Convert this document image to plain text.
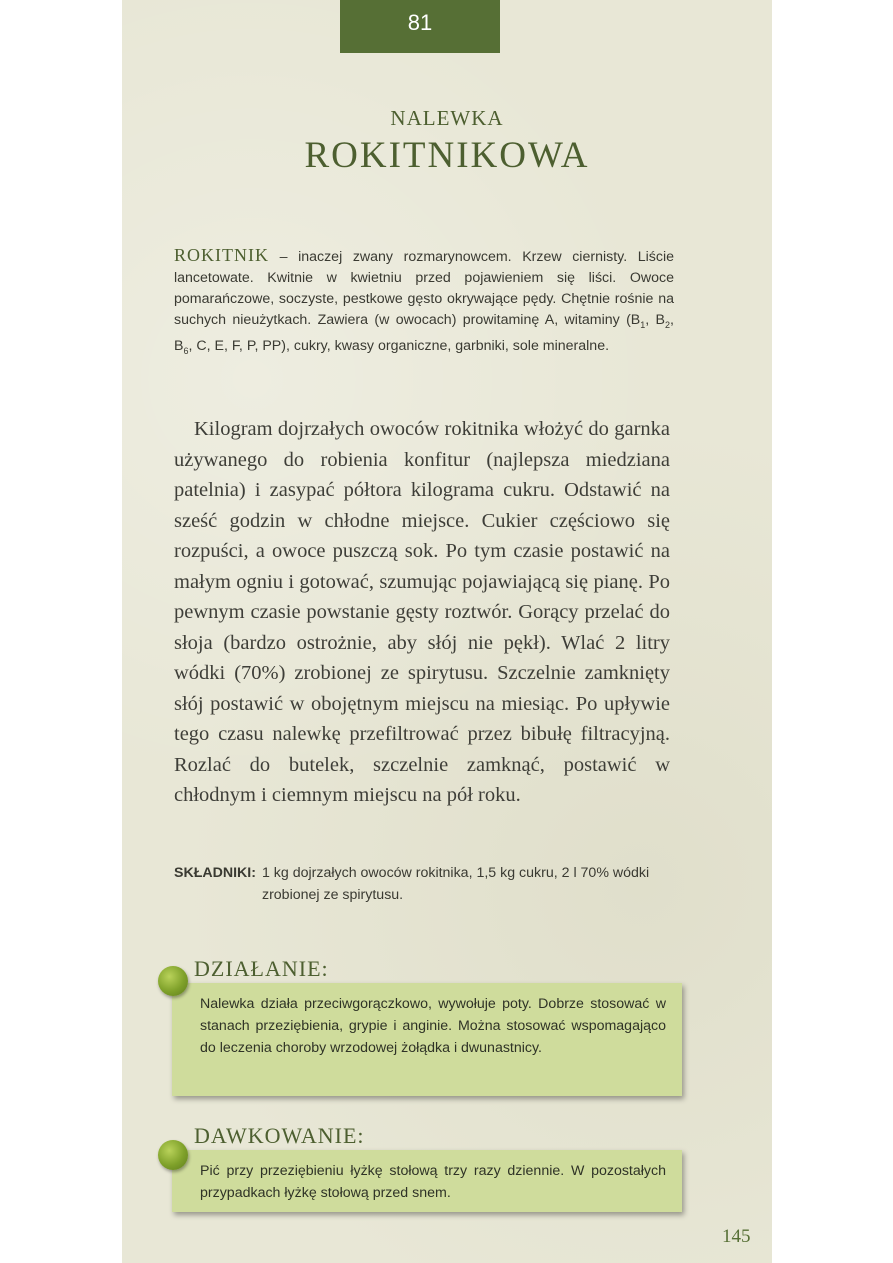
81
NALEWKA
ROKITNIKOWA
ROKITNIK – inaczej zwany rozmarynowcem. Krzew ciernisty. Liście lancetowate. Kwitnie w kwietniu przed pojawieniem się liści. Owoce pomarańczowe, soczyste, pestkowe gęsto okrywające pędy. Chętnie rośnie na suchych nieużytkach. Zawiera (w owocach) prowitaminę A, witaminy ($B_1$, $B_2$, $B_6$, C, E, F, P, PP), cukry, kwasy organiczne, garbniki, sole mineralne.
Kilogram dojrzałych owoców rokitnika włożyć do garnka używanego do robienia konfitur (najlepsza miedziana patelnia) i zasypać półtora kilograma cukru. Odstawić na sześć godzin w chłodne miejsce. Cukier częściowo się rozpuści, a owoce puszczą sok. Po tym czasie postawić na małym ogniu i gotować, szumując pojawiającą się pianę. Po pewnym czasie powstanie gęsty roztwór. Gorący przelać do słoja (bardzo ostrożnie, aby słój nie pękł). Wlać 2 litry wódki (70%) zrobionej ze spirytusu. Szczelnie zamknięty słój postawić w obojętnym miejscu na miesiąc. Po upływie tego czasu nalewkę przefiltrować przez bibułę filtracyjną. Rozlać do butelek, szczelnie zamknąć, postawić w chłodnym i ciemnym miejscu na pół roku.
SKŁADNIKI: 1 kg dojrzałych owoców rokitnika, 1,5 kg cukru, 2 l 70% wódki zrobionej ze spirytusu.
Nalewka działa przeciwgorączkowo, wywołuje poty. Dobrze stosować w stanach przeziębienia, grypie i anginie. Można stosować wspomagająco do leczenia choroby wrzodowej żołądka i dwunastnicy.
DZIAŁANIE:
Pić przy przeziębieniu łyżkę stołową trzy razy dziennie. W pozostałych przypadkach łyżkę stołową przed snem.
DAWKOWANIE:
145
